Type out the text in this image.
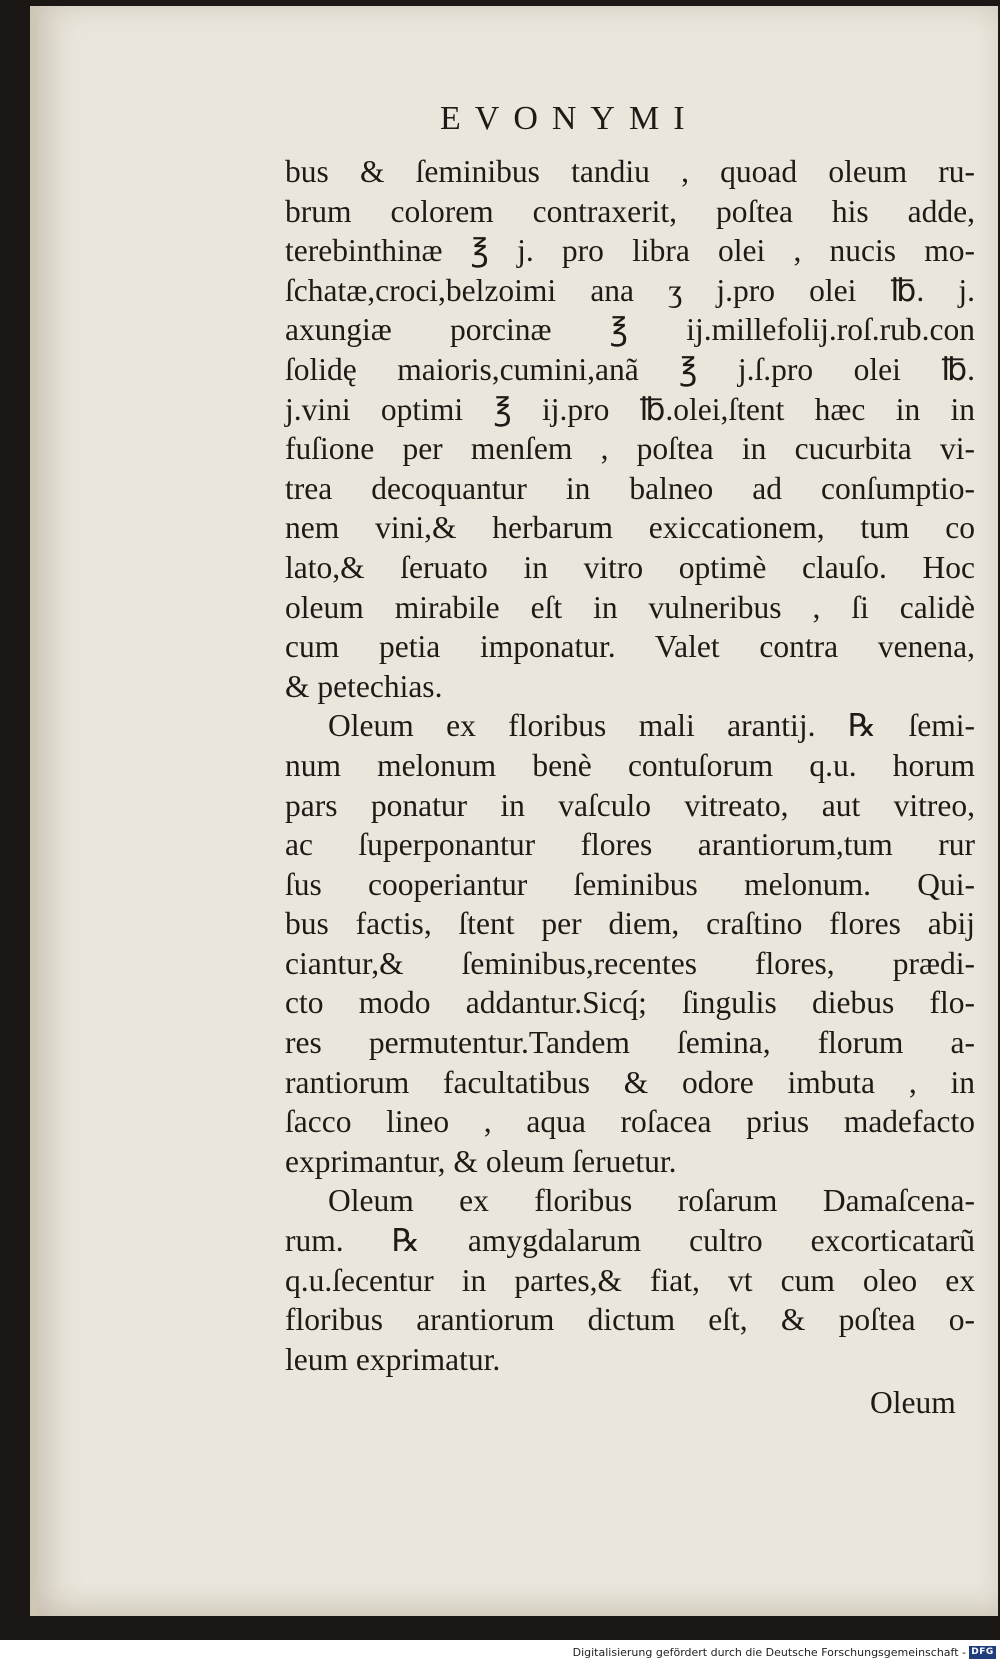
EVONYMI
bus & ſeminibus tandiu , quoad oleum ru-
brum colorem contraxerit, poſtea his adde,
terebinthinæ ℥ j. pro libra olei , nucis mo-
ſchatæ,croci,belzoimi ana ʒ j.pro olei ℔. j.
axungiæ porcinæ ℥ ij.millefolij.roſ.rub.con
ſolidę maioris,cumini,anã ℥ j.ſ.pro olei ℔.
j.vini optimi ℥ ij.pro ℔.olei,ſtent hæc in in
fuſione per menſem , poſtea in cucurbita vi-
trea decoquantur in balneo ad conſumptio-
nem vini,& herbarum exiccationem, tum co
lato,& ſeruato in vitro optimè clauſo. Hoc
oleum mirabile eſt in vulneribus , ſi calidè
cum petia imponatur. Valet contra venena,
& petechias.
Oleum ex floribus mali arantij. ℞ ſemi-
num melonum benè contuſorum q.u. horum
pars ponatur in vaſculo vitreato, aut vitreo,
ac ſuperponantur flores arantiorum,tum rur
ſus cooperiantur ſeminibus melonum. Qui-
bus factis, ſtent per diem, craſtino flores abij
ciantur,& ſeminibus,recentes flores, prædi-
cto modo addantur.Sicq́; ſingulis diebus flo-
res permutentur.Tandem ſemina, florum a-
rantiorum facultatibus & odore imbuta , in
ſacco lineo , aqua roſacea prius madefacto
exprimantur, & oleum ſeruetur.
Oleum ex floribus roſarum Damaſcena-
rum. ℞ amygdalarum cultro excorticatarũ
q.u.ſecentur in partes,& fiat, vt cum oleo ex
floribus arantiorum dictum eſt, & poſtea o-
leum exprimatur.
Oleum
Digitalisierung gefördert durch die Deutsche Forschungsgemeinschaft - DFG
